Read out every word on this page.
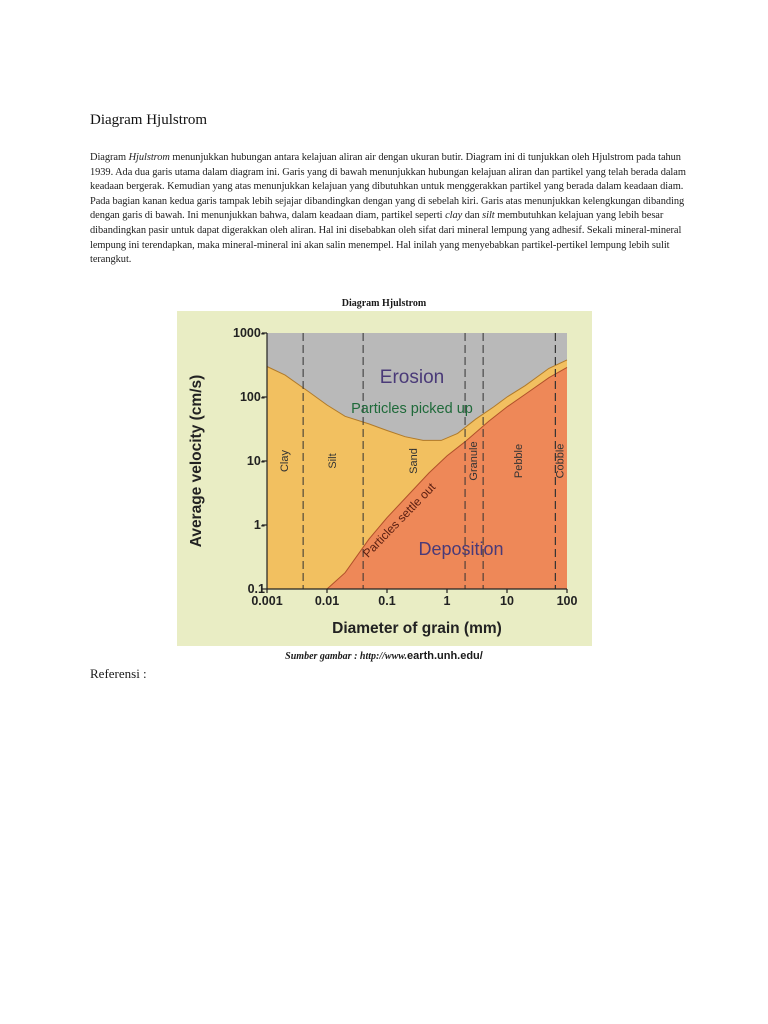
Diagram Hjulstrom

Diagram Hjulstrom menunjukkan hubungan antara kelajuan aliran air dengan ukuran butir. Diagram ini di tunjukkan oleh Hjulstrom pada tahun 1939. Ada dua garis utama dalam diagram ini. Garis yang di bawah menunjukkan hubungan kelajuan aliran dan partikel yang telah berada dalam keadaan bergerak. Kemudian yang atas menunjukkan kelajuan yang dibutuhkan untuk menggerakkan partikel yang berada dalam keadaan diam.

Pada bagian kanan kedua garis tampak lebih sejajar dibandingkan dengan yang di sebelah kiri. Garis atas menunjukkan kelengkungan dibanding dengan garis di bawah. Ini menunjukkan bahwa, dalam keadaan diam, partikel seperti clay dan silt membutuhkan kelajuan yang lebih besar dibandingkan pasir untuk dapat digerakkan oleh aliran. Hal ini disebabkan oleh sifat dari mineral lempung yang adhesif. Sekali mineral-mineral lempung ini terendapkan, maka mineral-mineral ini akan salin menempel. Hal inilah yang menyebabkan partikel-pertikel lempung lebih sulit terangkut.

Diagram Hjulstrom
Clay	Silt	Sand	Granule	Pebble	Cobble
Erosion
Particles picked up
Deposition
Particles settle out
0.1
1-
10-
100-
1000-
0.001	0.01	0.1	1	10	100
Diameter of grain (mm)
Average velocity (cm/s)
Sumber gambar : http://www.earth.unh.edu/
Referensi :
